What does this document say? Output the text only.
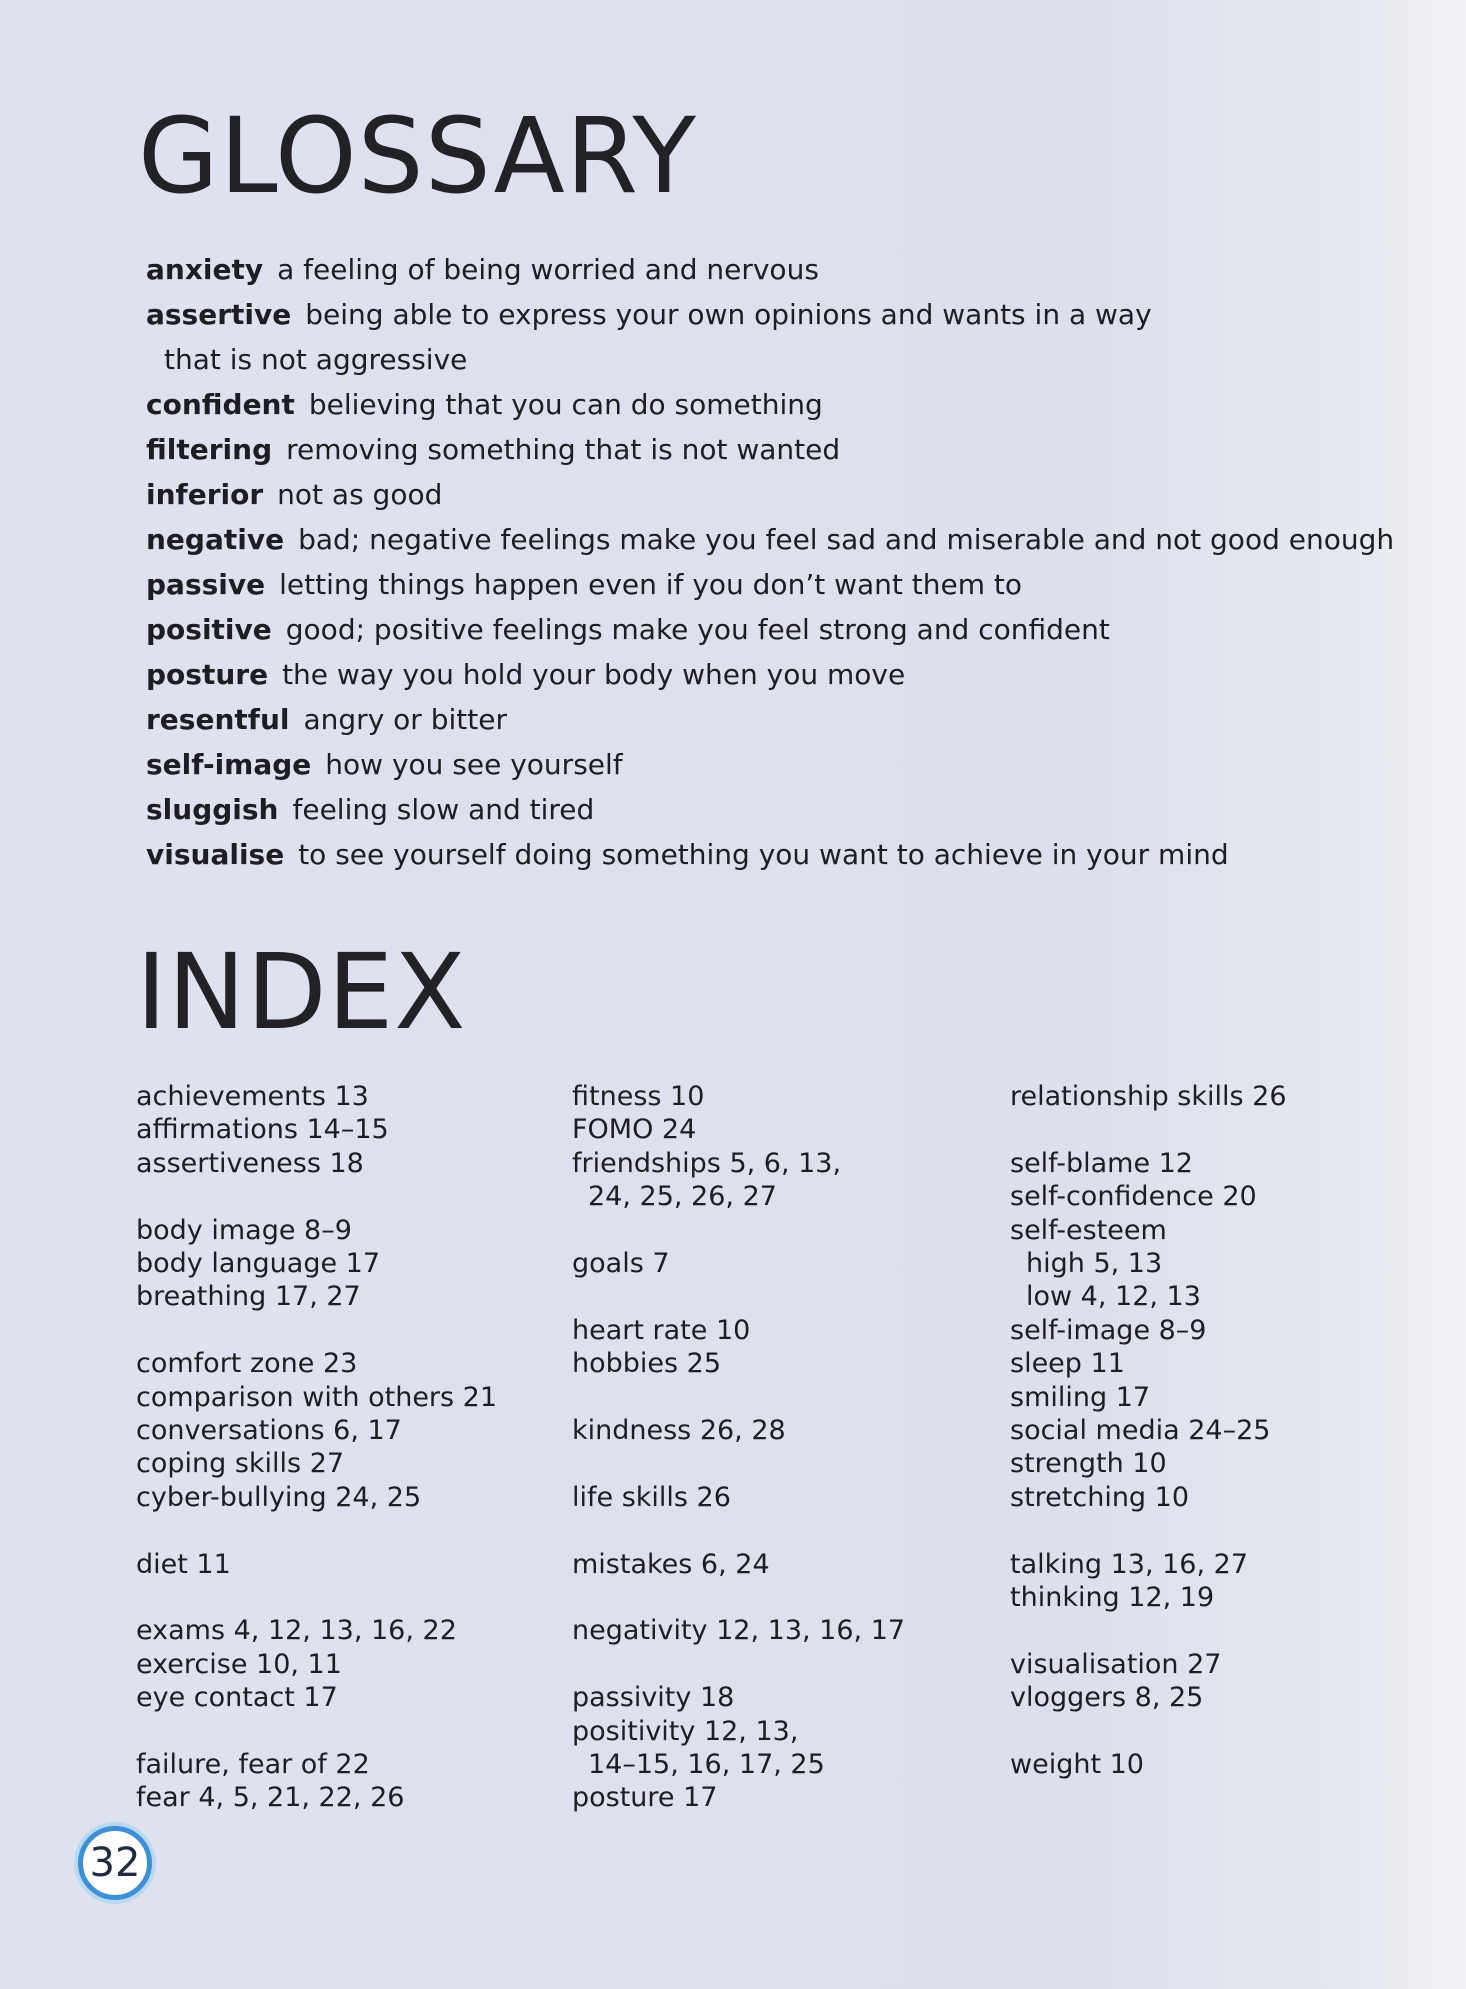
GLOSSARY
anxiety a feeling of being worried and nervous
assertive being able to express your own opinions and wants in a way
that is not aggressive
confident believing that you can do something
filtering removing something that is not wanted
inferior not as good
negative bad; negative feelings make you feel sad and miserable and not good enough
passive letting things happen even if you don’t want them to
positive good; positive feelings make you feel strong and confident
posture the way you hold your body when you move
resentful angry or bitter
self-image how you see yourself
sluggish feeling slow and tired
visualise to see yourself doing something you want to achieve in your mind
INDEX
achievements 13
affirmations 14–15
assertiveness 18
body image 8–9
body language 17
breathing 17, 27
comfort zone 23
comparison with others 21
conversations 6, 17
coping skills 27
cyber-bullying 24, 25
diet 11
exams 4, 12, 13, 16, 22
exercise 10, 11
eye contact 17
failure, fear of 22
fear 4, 5, 21, 22, 26
fitness 10
FOMO 24
friendships 5, 6, 13,
24, 25, 26, 27
goals 7
heart rate 10
hobbies 25
kindness 26, 28
life skills 26
mistakes 6, 24
negativity 12, 13, 16, 17
passivity 18
positivity 12, 13,
14–15, 16, 17, 25
posture 17
relationship skills 26
self-blame 12
self-confidence 20
self-esteem
high 5, 13
low 4, 12, 13
self-image 8–9
sleep 11
smiling 17
social media 24–25
strength 10
stretching 10
talking 13, 16, 27
thinking 12, 19
visualisation 27
vloggers 8, 25
weight 10
32
